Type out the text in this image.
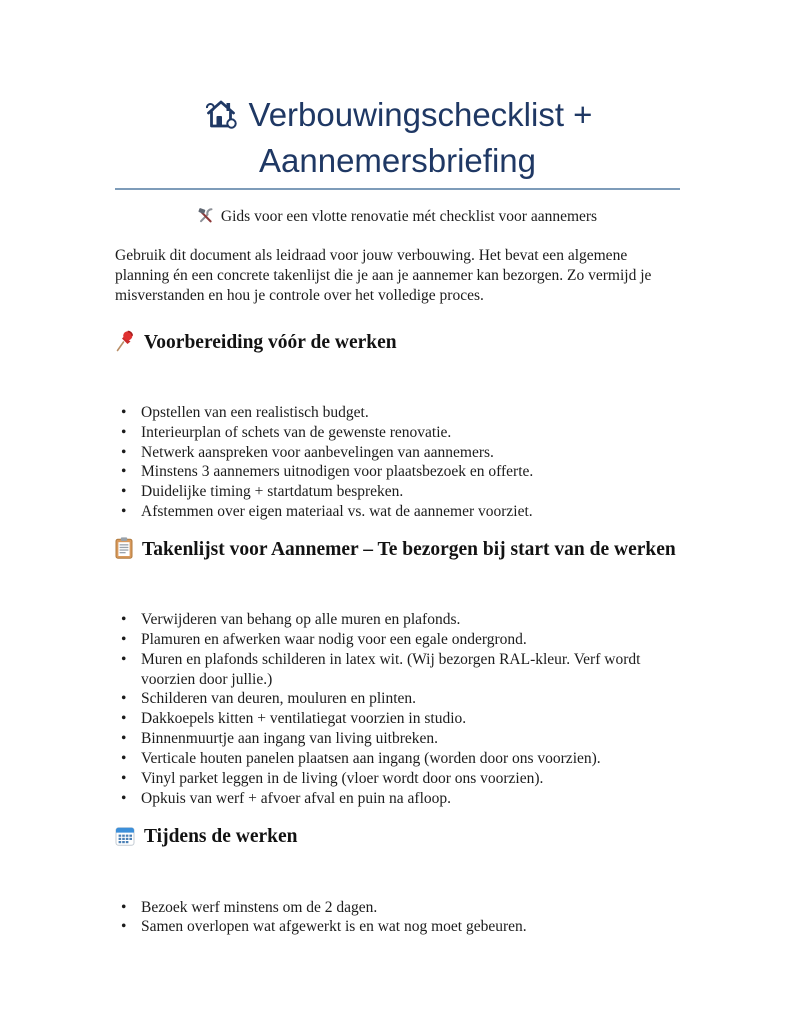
Verbouwingschecklist + Aannemersbriefing
Gids voor een vlotte renovatie mét checklist voor aannemers

Gebruik dit document als leidraad voor jouw verbouwing. Het bevat een algemene planning én een concrete takenlijst die je aan je aannemer kan bezorgen. Zo vermijd je misverstanden en hou je controle over het volledige proces.

Voorbereiding vóór de werken
• Opstellen van een realistisch budget.
• Interieurplan of schets van de gewenste renovatie.
• Netwerk aanspreken voor aanbevelingen van aannemers.
• Minstens 3 aannemers uitnodigen voor plaatsbezoek en offerte.
• Duidelijke timing + startdatum bespreken.
• Afstemmen over eigen materiaal vs. wat de aannemer voorziet.
Takenlijst voor Aannemer – Te bezorgen bij start van de werken
• Verwijderen van behang op alle muren en plafonds.
• Plamuren en afwerken waar nodig voor een egale ondergrond.
• Muren en plafonds schilderen in latex wit. (Wij bezorgen RAL-kleur. Verf wordt voorzien door jullie.)
• Schilderen van deuren, mouluren en plinten.
• Dakkoepels kitten + ventilatiegat voorzien in studio.
• Binnenmuurtje aan ingang van living uitbreken.
• Verticale houten panelen plaatsen aan ingang (worden door ons voorzien).
• Vinyl parket leggen in de living (vloer wordt door ons voorzien).
• Opkuis van werf + afvoer afval en puin na afloop.
Tijdens de werken
• Bezoek werf minstens om de 2 dagen.
• Samen overlopen wat afgewerkt is en wat nog moet gebeuren.
